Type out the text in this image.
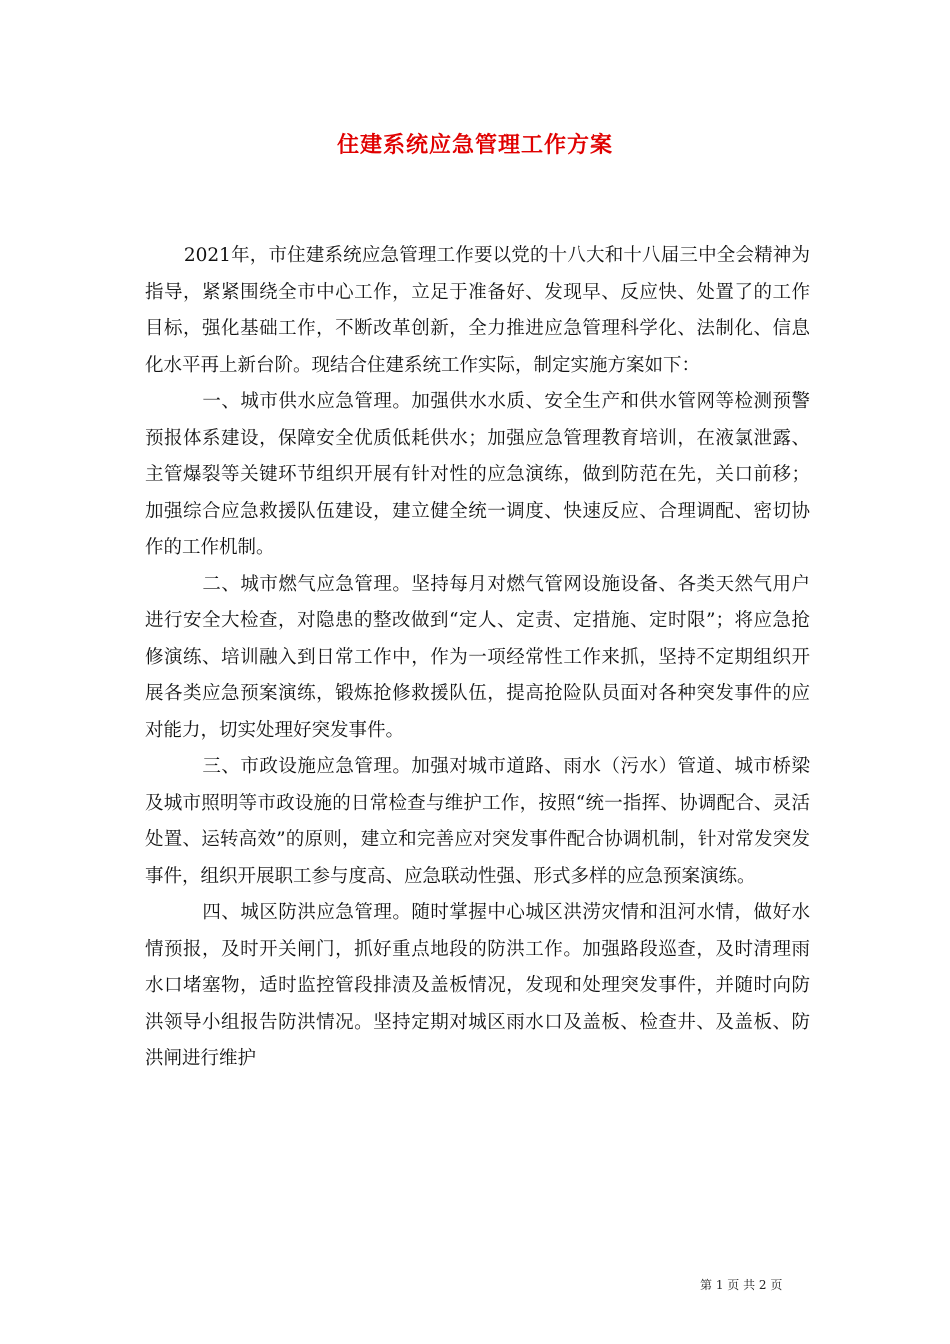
住建系统应急管理工作方案

2021年，市住建系统应急管理工作要以党的十八大和十八届三中全会精神为指导，紧紧围绕全市中心工作，立足于准备好、发现早、反应快、处置了的工作目标，强化基础工作，不断改革创新，全力推进应急管理科学化、法制化、信息化水平再上新台阶。现结合住建系统工作实际，制定实施方案如下：

一、城市供水应急管理。加强供水水质、安全生产和供水管网等检测预警预报体系建设，保障安全优质低耗供水；加强应急管理教育培训，在液氯泄露、主管爆裂等关键环节组织开展有针对性的应急演练，做到防范在先，关口前移；加强综合应急救援队伍建设，建立健全统一调度、快速反应、合理调配、密切协作的工作机制。

二、城市燃气应急管理。坚持每月对燃气管网设施设备、各类天然气用户进行安全大检查，对隐患的整改做到“定人、定责、定措施、定时限”；将应急抢修演练、培训融入到日常工作中，作为一项经常性工作来抓，坚持不定期组织开展各类应急预案演练，锻炼抢修救援队伍，提高抢险队员面对各种突发事件的应对能力，切实处理好突发事件。

三、市政设施应急管理。加强对城市道路、雨水（污水）管道、城市桥梁及城市照明等市政设施的日常检查与维护工作，按照“统一指挥、协调配合、灵活处置、运转高效”的原则，建立和完善应对突发事件配合协调机制，针对常发突发事件，组织开展职工参与度高、应急联动性强、形式多样的应急预案演练。

四、城区防洪应急管理。随时掌握中心城区洪涝灾情和沮河水情，做好水情预报，及时开关闸门，抓好重点地段的防洪工作。加强路段巡查，及时清理雨水口堵塞物，适时监控管段排渍及盖板情况，发现和处理突发事件，并随时向防洪领导小组报告防洪情况。坚持定期对城区雨水口及盖板、检查井、及盖板、防洪闸进行维护

第 1 页 共 2 页
